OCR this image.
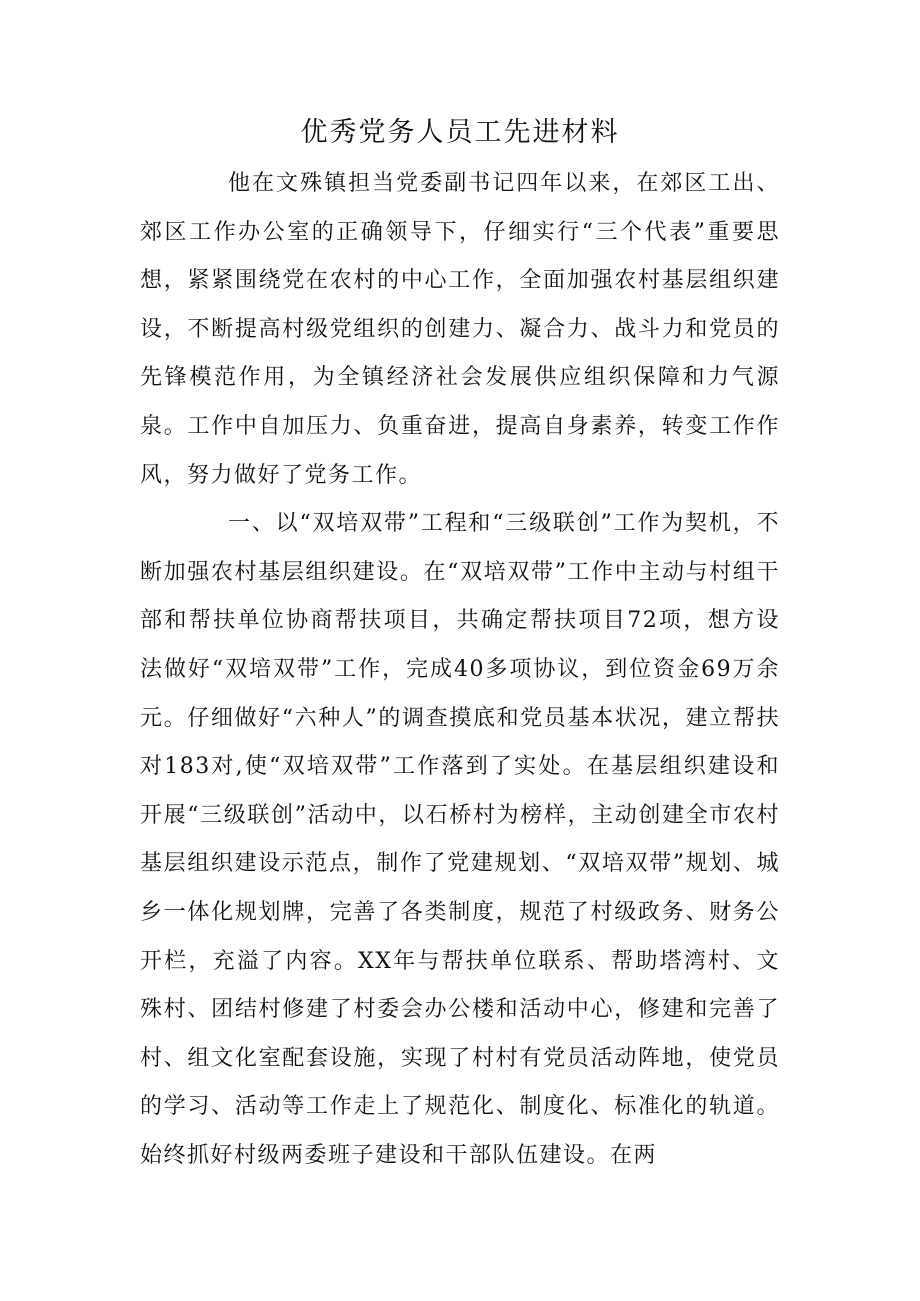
优秀党务人员工先进材料

他在文殊镇担当党委副书记四年以来，在郊区工出、郊区工作办公室的正确领导下，仔细实行“三个代表”重要思想，紧紧围绕党在农村的中心工作，全面加强农村基层组织建设，不断提高村级党组织的创建力、凝合力、战斗力和党员的先锋模范作用，为全镇经济社会发展供应组织保障和力气源泉。工作中自加压力、负重奋进，提高自身素养，转变工作作风，努力做好了党务工作。

一、以“双培双带”工程和“三级联创”工作为契机，不断加强农村基层组织建设。在“双培双带”工作中主动与村组干部和帮扶单位协商帮扶项目，共确定帮扶项目72项，想方设法做好“双培双带”工作，完成40多项协议，到位资金69万余元。仔细做好“六种人”的调查摸底和党员基本状况，建立帮扶对183对,使“双培双带”工作落到了实处。在基层组织建设和开展“三级联创”活动中，以石桥村为榜样，主动创建全市农村基层组织建设示范点，制作了党建规划、“双培双带”规划、城乡一体化规划牌，完善了各类制度，规范了村级政务、财务公开栏，充溢了内容。XX年与帮扶单位联系、帮助塔湾村、文殊村、团结村修建了村委会办公楼和活动中心，修建和完善了村、组文化室配套设施，实现了村村有党员活动阵地，使党员的学习、活动等工作走上了规范化、制度化、标准化的轨道。始终抓好村级两委班子建设和干部队伍建设。在两
